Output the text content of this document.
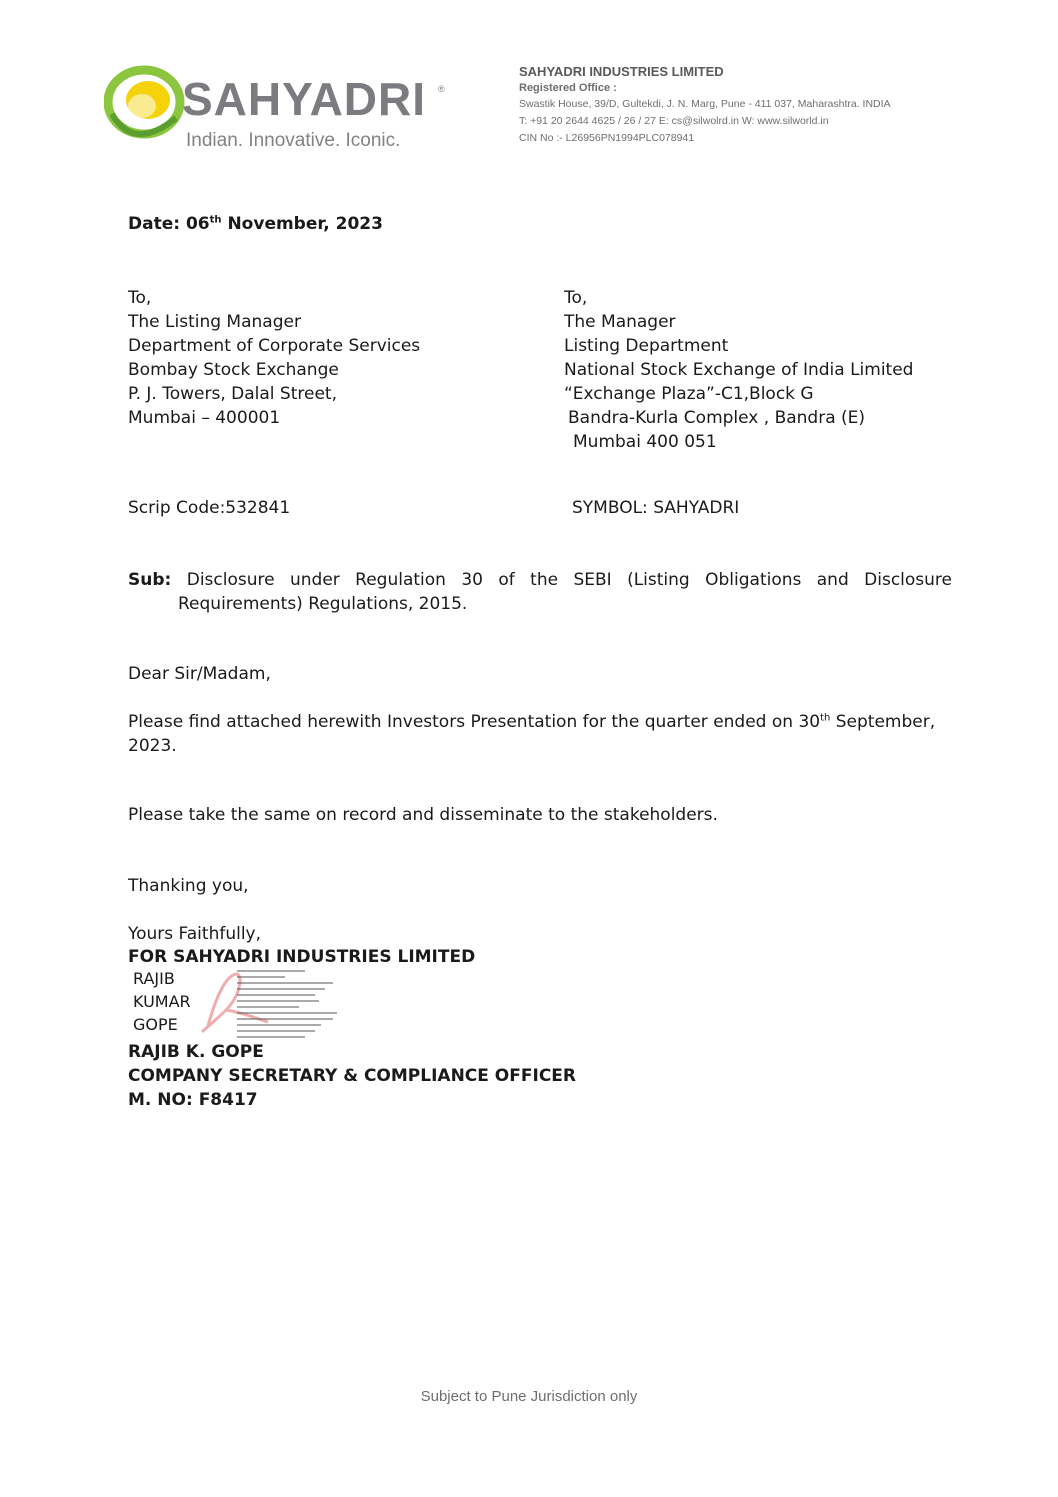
SAHYADRI ®
Indian. Innovative. Iconic.
SAHYADRI INDUSTRIES LIMITED
Registered Office :
Swastik House, 39/D, Gultekdi, J. N. Marg, Pune - 411 037, Maharashtra. INDIA
T: +91 20 2644 4625 / 26 / 27 E: cs@silwolrd.in W: www.silworld.in
CIN No :- L26956PN1994PLC078941
Date: 06th November, 2023
To,
The Listing Manager
Department of Corporate Services
Bombay Stock Exchange
P. J. Towers, Dalal Street,
Mumbai – 400001
To,
The Manager
Listing Department
National Stock Exchange of India Limited
“Exchange Plaza”-C1,Block G
Bandra-Kurla Complex , Bandra (E)
Mumbai 400 051
Scrip Code:532841	SYMBOL: SAHYADRI
Sub: Disclosure under Regulation 30 of the SEBI (Listing Obligations and Disclosure
Requirements) Regulations, 2015.
Dear Sir/Madam,
Please find attached herewith Investors Presentation for the quarter ended on 30th September, 2023.
Please take the same on record and disseminate to the stakeholders.
Thanking you,
Yours Faithfully,
FOR SAHYADRI INDUSTRIES LIMITED
RAJIB
KUMAR
GOPE
RAJIB K. GOPE
COMPANY SECRETARY & COMPLIANCE OFFICER
M. NO: F8417
Subject to Pune Jurisdiction only
